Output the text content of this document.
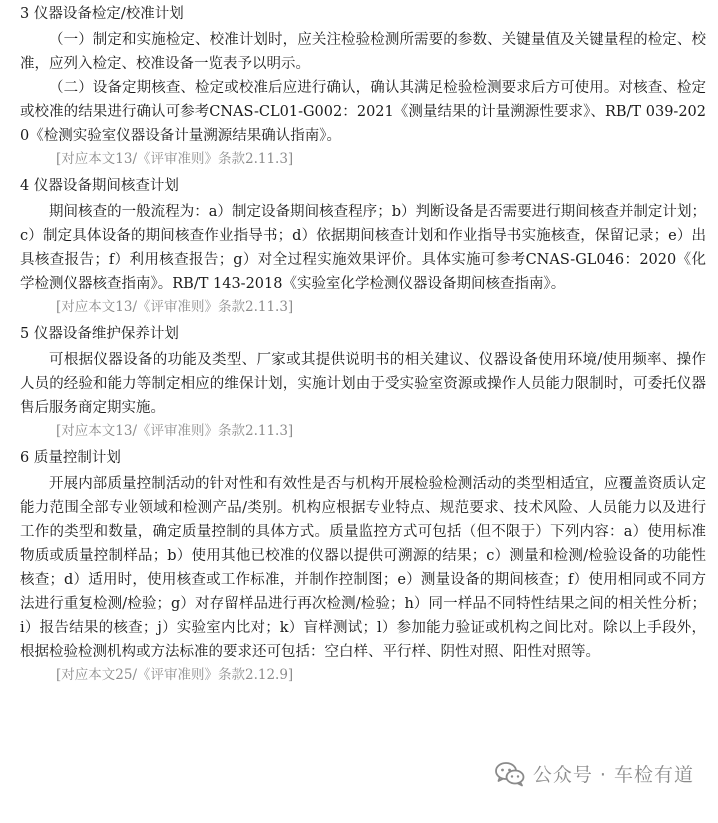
3 仪器设备检定/校准计划

（一）制定和实施检定、校准计划时，应关注检验检测所需要的参数、关键量值及关键量程的检定、校准，应列入检定、校准设备一览表予以明示。

（二）设备定期核查、检定或校准后应进行确认，确认其满足检验检测要求后方可使用。对核查、检定或校准的结果进行确认可参考CNAS-CL01-G002：2021《测量结果的计量溯源性要求》、RB/T 039-2020《检测实验室仪器设备计量溯源结果确认指南》。

[对应本文13/《评审准则》条款2.11.3]
4 仪器设备期间核查计划

期间核查的一般流程为：a）制定设备期间核查程序；b）判断设备是否需要进行期间核查并制定计划；c）制定具体设备的期间核查作业指导书；d）依据期间核查计划和作业指导书实施核查，保留记录；e）出具核查报告；f）利用核查报告；g）对全过程实施效果评价。具体实施可参考CNAS-GL046：2020《化学检测仪器核查指南》。RB/T 143-2018《实验室化学检测仪器设备期间核查指南》。

[对应本文13/《评审准则》条款2.11.3]
5 仪器设备维护保养计划

可根据仪器设备的功能及类型、厂家或其提供说明书的相关建议、仪器设备使用环境/使用频率、操作人员的经验和能力等制定相应的维保计划，实施计划由于受实验室资源或操作人员能力限制时，可委托仪器售后服务商定期实施。

[对应本文13/《评审准则》条款2.11.3]
6 质量控制计划

开展内部质量控制活动的针对性和有效性是否与机构开展检验检测活动的类型相适宜，应覆盖资质认定能力范围全部专业领域和检测产品/类别。机构应根据专业特点、规范要求、技术风险、人员能力以及进行工作的类型和数量，确定质量控制的具体方式。质量监控方式可包括（但不限于）下列内容：a）使用标准物质或质量控制样品；b）使用其他已校准的仪器以提供可溯源的结果；c）测量和检测/检验设备的功能性核查；d）适用时，使用核查或工作标准，并制作控制图；e）测量设备的期间核查；f）使用相同或不同方法进行重复检测/检验；g）对存留样品进行再次检测/检验；h）同一样品不同特性结果之间的相关性分析；i）报告结果的核查；j）实验室内比对；k）盲样测试；l）参加能力验证或机构之间比对。除以上手段外，根据检验检测机构或方法标准的要求还可包括：空白样、平行样、阴性对照、阳性对照等。

[对应本文25/《评审准则》条款2.12.9]
公众号 · 车检有道
